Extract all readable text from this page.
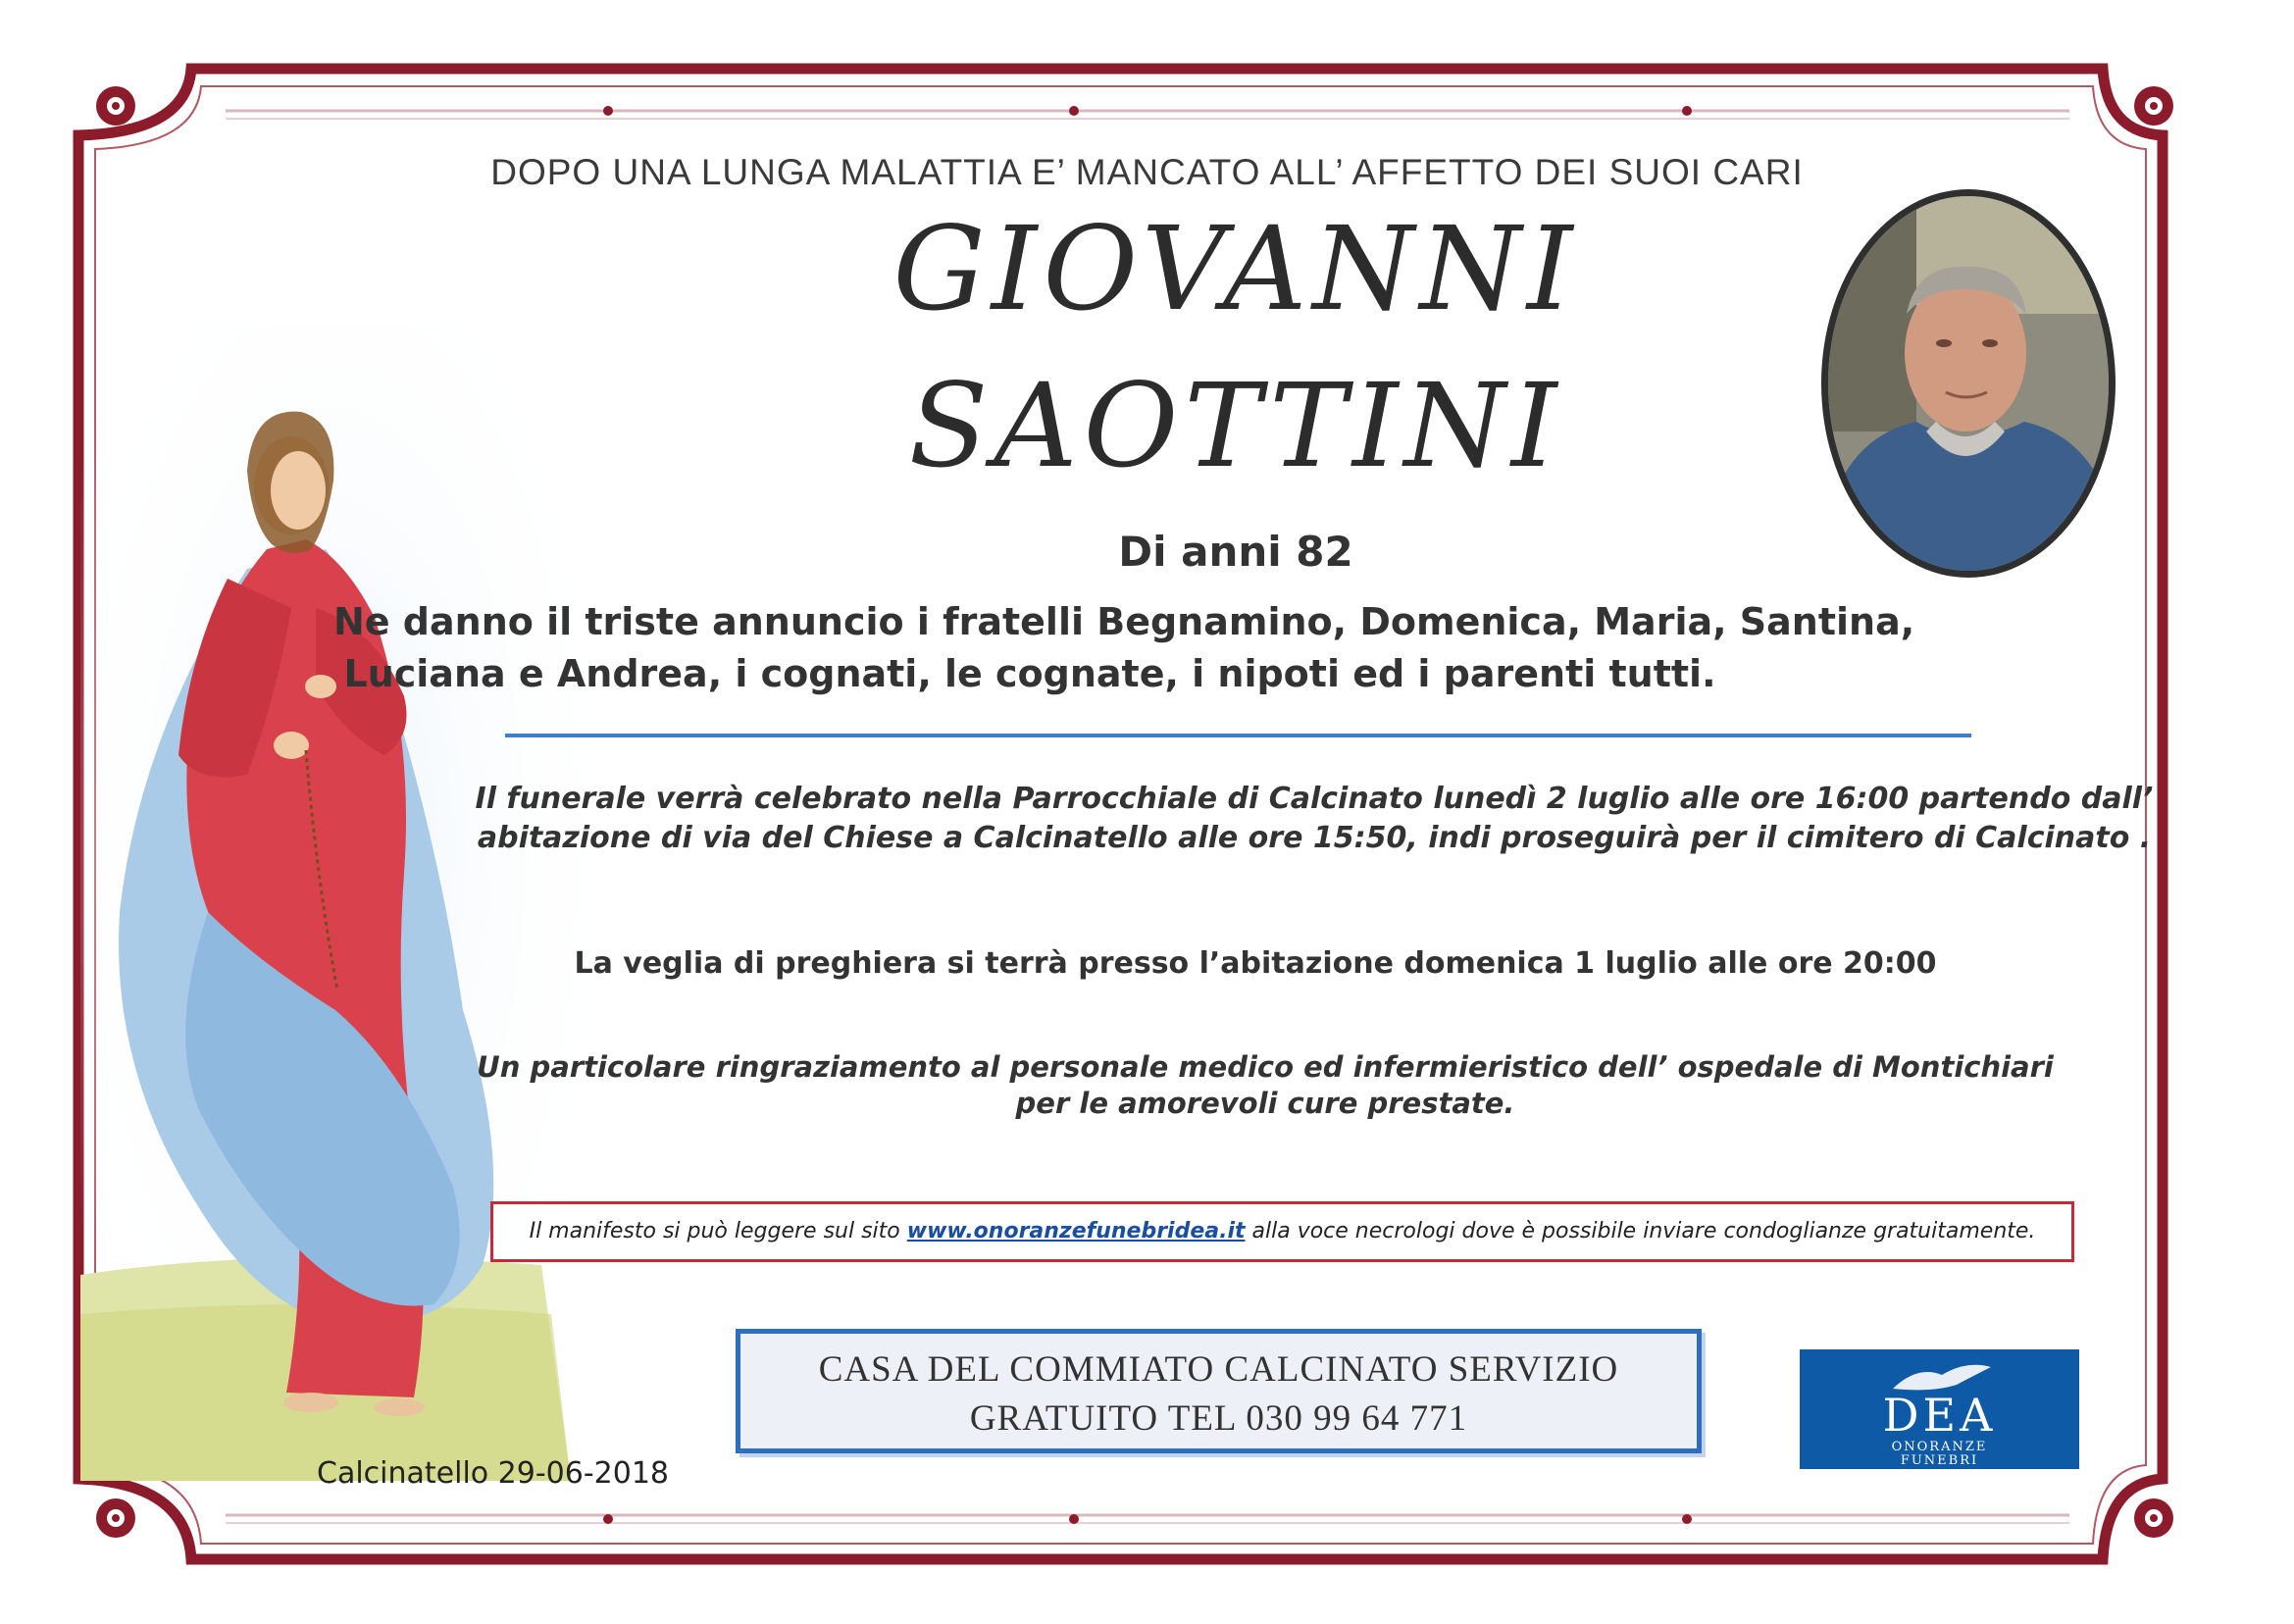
DOPO UNA LUNGA MALATTIA E’ MANCATO ALL’ AFFETTO DEI SUOI CARI
GIOVANNI
SAOTTINI
Di anni 82
Ne danno il triste annuncio i fratelli Begnamino, Domenica, Maria, Santina,
Luciana e Andrea, i cognati, le cognate, i nipoti ed i parenti tutti.
Il funerale verrà celebrato nella Parrocchiale di Calcinato lunedì 2 luglio alle ore 16:00 partendo dall’
abitazione di via del Chiese a Calcinatello alle ore 15:50, indi proseguirà per il cimitero di Calcinato .
La veglia di preghiera si terrà presso l’abitazione domenica 1 luglio alle ore 20:00
Un particolare ringraziamento al personale medico ed infermieristico dell’ ospedale di Montichiari
per le amorevoli cure prestate.
Il manifesto si può leggere sul sito www.onoranzefunebridea.it alla voce necrologi dove è possibile inviare condoglianze gratuitamente.
CASA DEL COMMIATO CALCINATO SERVIZIO
GRATUITO TEL 030 99 64 771
Calcinatello 29-06-2018
DEA
ONORANZE
FUNEBRI
